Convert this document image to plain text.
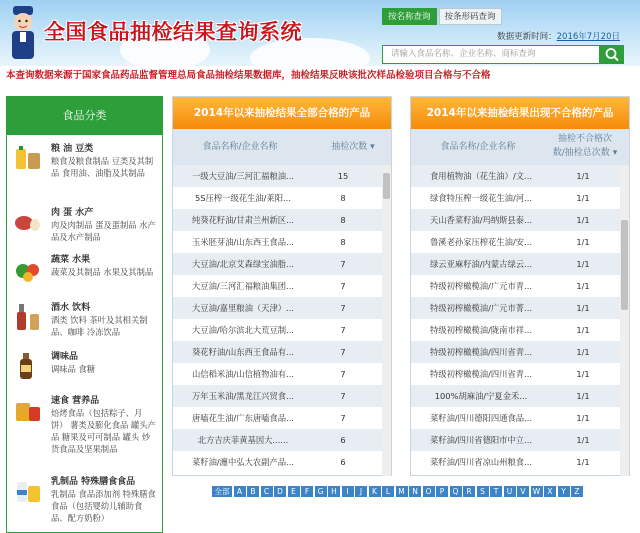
全国食品抽检结果查询系统
按名称查询	按条形码查询
数据更新时间：2016年7月20日
请输入食品名称、企业名称、商标查询
本查询数据来源于国家食品药品监督管理总局食品抽检结果数据库，抽检结果反映该批次样品检验项目合格与不合格
食品分类
粮 油 豆类
粮食及粮食制品 豆类及其制品 食用油、油脂及其制品
肉 蛋 水产
肉及肉制品 蛋及蛋制品 水产品及水产制品
蔬菜 水果
蔬菜及其制品 水果及其制品
酒水 饮料
酒类 饮料 茶叶及其相关制品、咖啡 冷冻饮品
调味品
调味品 食糖
速食 营养品
焙烤食品（包括粽子、月饼） 薯类及膨化食品 罐头产品 糖果及可可制品 罐头 炒货食品及坚果制品
乳制品 特殊膳食食品
乳制品 食品添加剂 特殊膳食食品（包括婴幼儿辅助食品、配方奶粉）
2014年以来抽检结果全部合格的产品
食品名称/企业名称	抽检次数 ▾
一级大豆油/三河汇福粮油...	15
5S压榨一级花生油/莱阳...	8
纯葵花籽油/甘肃兰州新区...	8
玉米胚芽油/山东西王食品...	8
大豆油/北京艾森绿宝油脂...	7
大豆油/三河汇福粮油集团...	7
大豆油/嘉里粮油（天津）...	7
大豆油/哈尔滨北大荒豆制...	7
葵花籽油/山东西王食品有...	7
山信稻米油/山信植物油有...	7
万年玉米油/黑龙江兴贸食...	7
唐嗑花生油/广东唐嗑食品...	7
北方吉庆菲黄基因大......	6
菜籽油/瀍中弘大农副产品...	6
2014年以来抽检结果出现不合格的产品
食品名称/企业名称
抽检不合格次
数/抽检总次数 ▾
食用植物油（花生油）/文...	1/1
绿食特压榨一级花生油/河...	1/1
天山香菜籽油/玛纳斯县泰...	1/1
鲁溪老孙家压榨花生油/安...	1/1
绿云亚麻籽油/内蒙古绿云...	1/1
特级初榨橄榄油/广元市青...	1/1
特级初榨橄榄油/广元市菁...	1/1
特级初榨橄榄油/陇南市祥...	1/1
特级初榨橄榄油/四川省青...	1/1
特级初榨橄榄油/四川省青...	1/1
100%胡麻油/宁夏金禾...	1/1
菜籽油/四川德阳四通食品...	1/1
菜籽油/四川省德阳市中立...	1/1
菜籽油/四川省凉山州粮食...	1/1
全部 A	B	C	D	E	F	G	H	I	J	K	L	M N	O	P	Q	R	S	T	U	V W X	Y	Z
